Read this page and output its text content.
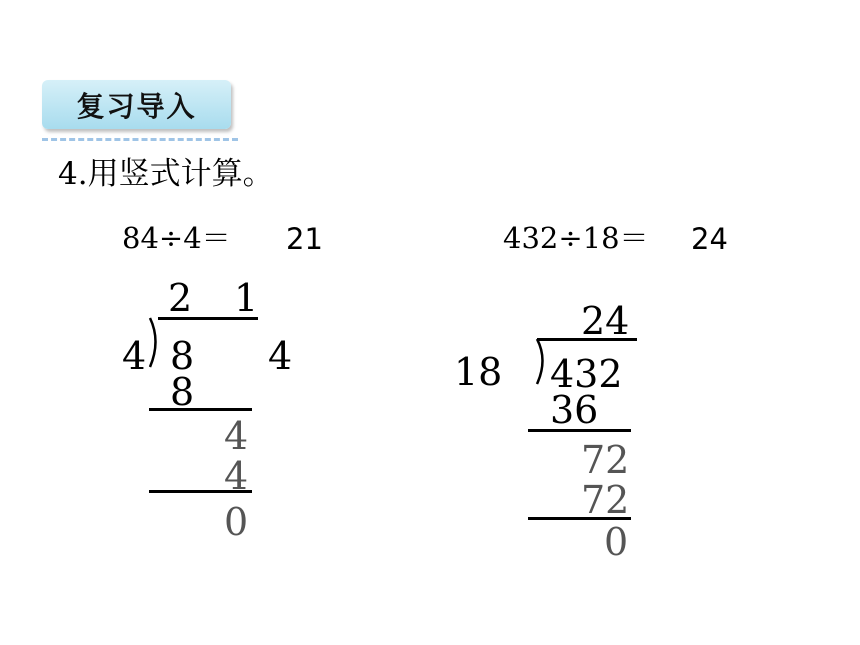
复习导入
4.用竖式计算。
84÷4＝ 21
2 1
4 8 4
8
4
4
0
432÷18＝ 24
24
18 432
36
72
72
0
